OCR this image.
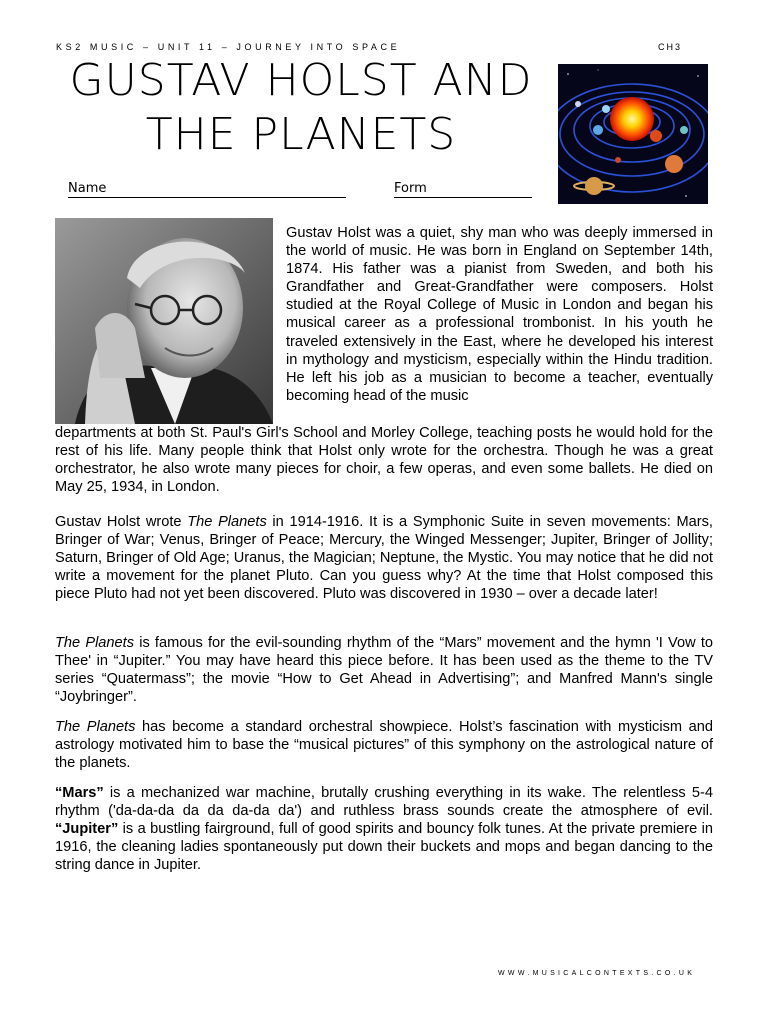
KS2 MUSIC – UNIT 11 – JOURNEY INTO SPACE	CH3
GUSTAV HOLST AND
THE PLANETS
Name	Form
Gustav Holst was a quiet, shy man who was deeply immersed in the world of music. He was born in England on September 14th, 1874. His father was a pianist from Sweden, and both his Grandfather and Great-Grandfather were composers. Holst studied at the Royal College of Music in London and began his musical career as a professional trombonist. In his youth he traveled extensively in the East, where he developed his interest in mythology and mysticism, especially within the Hindu tradition. He left his job as a musician to become a teacher, eventually becoming head of the music
departments at both St. Paul's Girl's School and Morley College, teaching posts he would hold for the rest of his life. Many people think that Holst only wrote for the orchestra. Though he was a great orchestrator, he also wrote many pieces for choir, a few operas, and even some ballets. He died on May 25, 1934, in London.
Gustav Holst wrote The Planets in 1914-1916. It is a Symphonic Suite in seven movements: Mars, Bringer of War; Venus, Bringer of Peace; Mercury, the Winged Messenger; Jupiter, Bringer of Jollity; Saturn, Bringer of Old Age; Uranus, the Magician; Neptune, the Mystic. You may notice that he did not write a movement for the planet Pluto. Can you guess why? At the time that Holst composed this piece Pluto had not yet been discovered. Pluto was discovered in 1930 – over a decade later!
The Planets is famous for the evil-sounding rhythm of the “Mars” movement and the hymn 'I Vow to Thee' in “Jupiter.” You may have heard this piece before. It has been used as the theme to the TV series “Quatermass”; the movie “How to Get Ahead in Advertising”; and Manfred Mann's single “Joybringer”.
The Planets has become a standard orchestral showpiece. Holst’s fascination with mysticism and astrology motivated him to base the “musical pictures” of this symphony on the astrological nature of the planets.
“Mars” is a mechanized war machine, brutally crushing everything in its wake. The relentless 5-4 rhythm ('da-da-da da da da-da da') and ruthless brass sounds create the atmosphere of evil. “Jupiter” is a bustling fairground, full of good spirits and bouncy folk tunes. At the private premiere in 1916, the cleaning ladies spontaneously put down their buckets and mops and began dancing to the string dance in Jupiter.
WWW.MUSICALCONTEXTS.CO.UK
